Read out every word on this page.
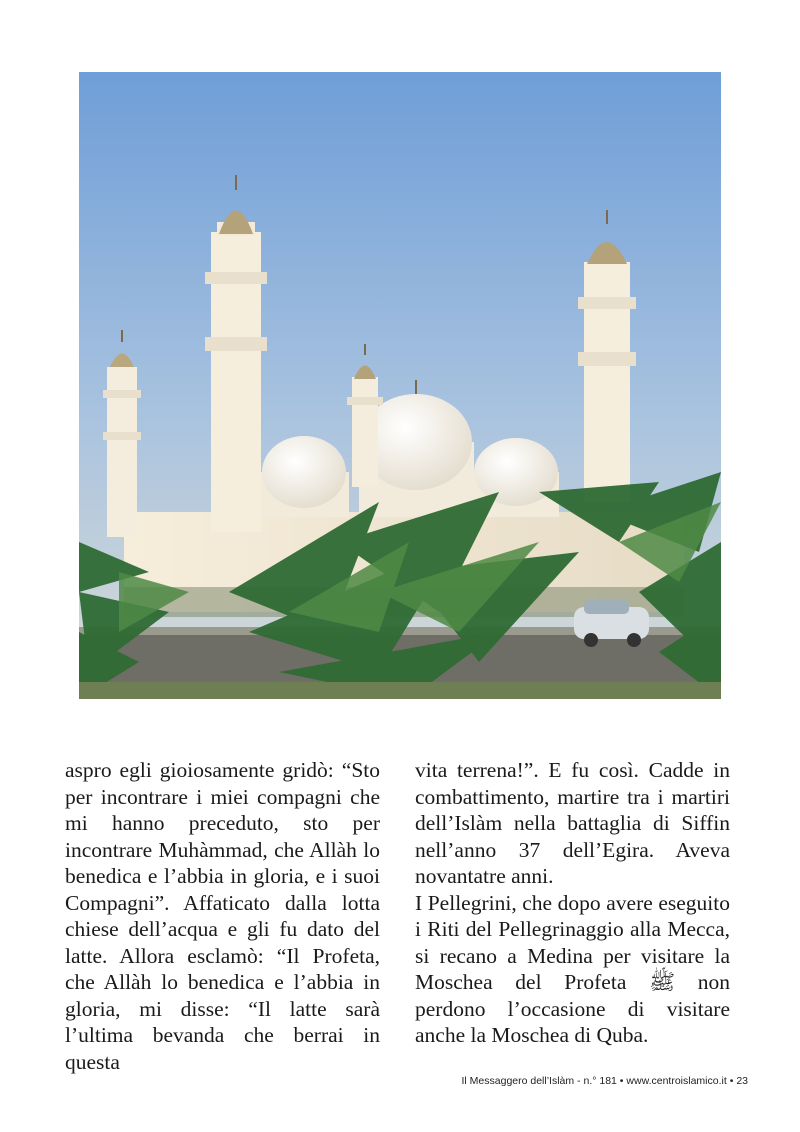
aspro egli gioiosamente gridò: “Sto per incontrare i miei compagni che mi hanno preceduto, sto per incontrare Muhàmmad, che Allàh lo benedica e l’abbia in gloria, e i suoi Compagni”. Affaticato dalla lotta chiese dell’acqua e gli fu dato del latte. Allora esclamò: “Il Profeta, che Allàh lo benedica e l’abbia in gloria, mi disse: “Il latte sarà l’ultima bevanda che berrai in questa

vita terrena!”. E fu così. Cadde in combattimento, martire tra i martiri dell’Islàm nella battaglia di Siffin nell’anno 37 dell’Egira. Aveva novantatre anni.

I Pellegrini, che dopo avere eseguito i Riti del Pellegrinaggio alla Mecca, si recano a Medina per visitare la Moschea del Profeta ﷺ non perdono l’occasione di visitare anche la Moschea di Quba.

Il Messaggero dell’Islàm - n.° 181 • www.centroislamico.it • 23
